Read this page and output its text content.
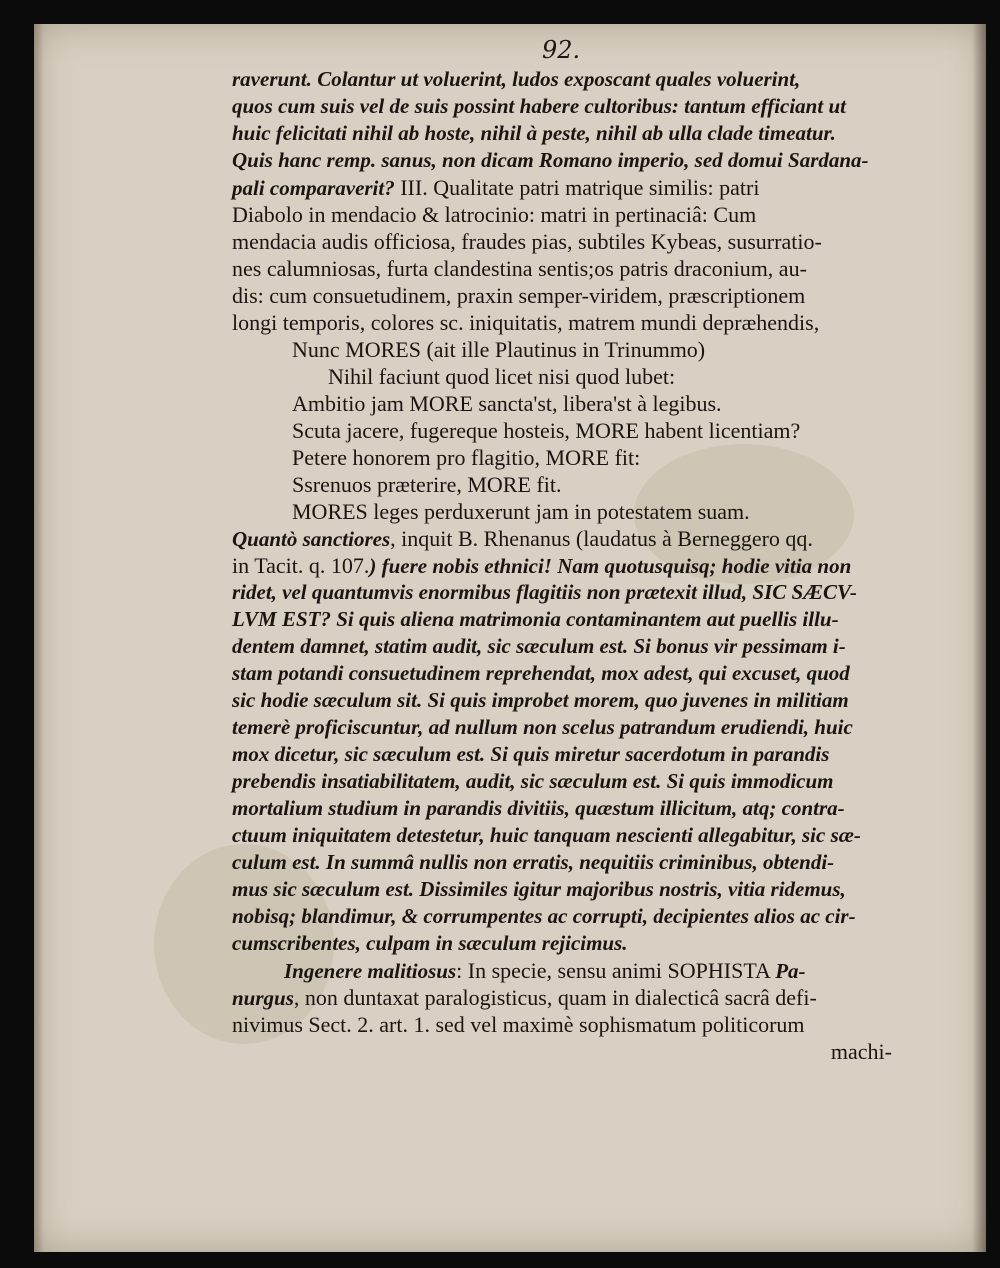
92.
raverunt. Colantur ut voluerint, ludos exposcant quales voluerint,
quos cum suis vel de suis possint habere cultoribus: tantum efficiant ut
huic felicitati nihil ab hoste, nihil à peste, nihil ab ulla clade timeatur.
Quis hanc remp. sanus, non dicam Romano imperio, sed domui Sardana-
pali comparaverit? III. Qualitate patri matrique similis: patri
Diabolo in mendacio & latrocinio: matri in pertinaciâ: Cum
mendacia audis officiosa, fraudes pias, subtiles Kybeas, susurratio-
nes calumniosas, furta clandestina sentis;os patris draconium, au-
dis: cum consuetudinem, praxin semper-viridem, præscriptionem
longi temporis, colores sc. iniquitatis, matrem mundi depræhendis,
Nunc MORES (ait ille Plautinus in Trinummo)
Nihil faciunt quod licet nisi quod lubet:
Ambitio jam MORE sancta'st, libera'st à legibus.
Scuta jacere, fugereque hosteis, MORE habent licentiam?
Petere honorem pro flagitio, MORE fit:
Ssrenuos præterire, MORE fit.
MORES leges perduxerunt jam in potestatem suam.
Quantò sanctiores, inquit B. Rhenanus (laudatus à Berneggero qq.
in Tacit. q. 107.) fuere nobis ethnici! Nam quotusquisq; hodie vitia non
ridet, vel quantumvis enormibus flagitiis non prætexit illud, SIC SÆCV-
LVM EST? Si quis aliena matrimonia contaminantem aut puellis illu-
dentem damnet, statim audit, sic sæculum est. Si bonus vir pessimam i-
stam potandi consuetudinem reprehendat, mox adest, qui excuset, quod
sic hodie sæculum sit. Si quis improbet morem, quo juvenes in militiam
temerè proficiscuntur, ad nullum non scelus patrandum erudiendi, huic
mox dicetur, sic sæculum est. Si quis miretur sacerdotum in parandis
prebendis insatiabilitatem, audit, sic sæculum est. Si quis immodicum
mortalium studium in parandis divitiis, quæstum illicitum, atq; contra-
ctuum iniquitatem detestetur, huic tanquam nescienti allegabitur, sic sæ-
culum est. In summâ nullis non erratis, nequitiis criminibus, obtendi-
mus sic sæculum est. Dissimiles igitur majoribus nostris, vitia ridemus,
nobisq; blandimur, & corrumpentes ac corrupti, decipientes alios ac cir-
cumscribentes, culpam in sæculum rejicimus.
Ingenere malitiosus: In specie, sensu animi SOPHISTA Pa-
nurgus, non duntaxat paralogisticus, quam in dialecticâ sacrâ defi-
nivimus Sect. 2. art. 1. sed vel maximè sophismatum politicorum
machi-
